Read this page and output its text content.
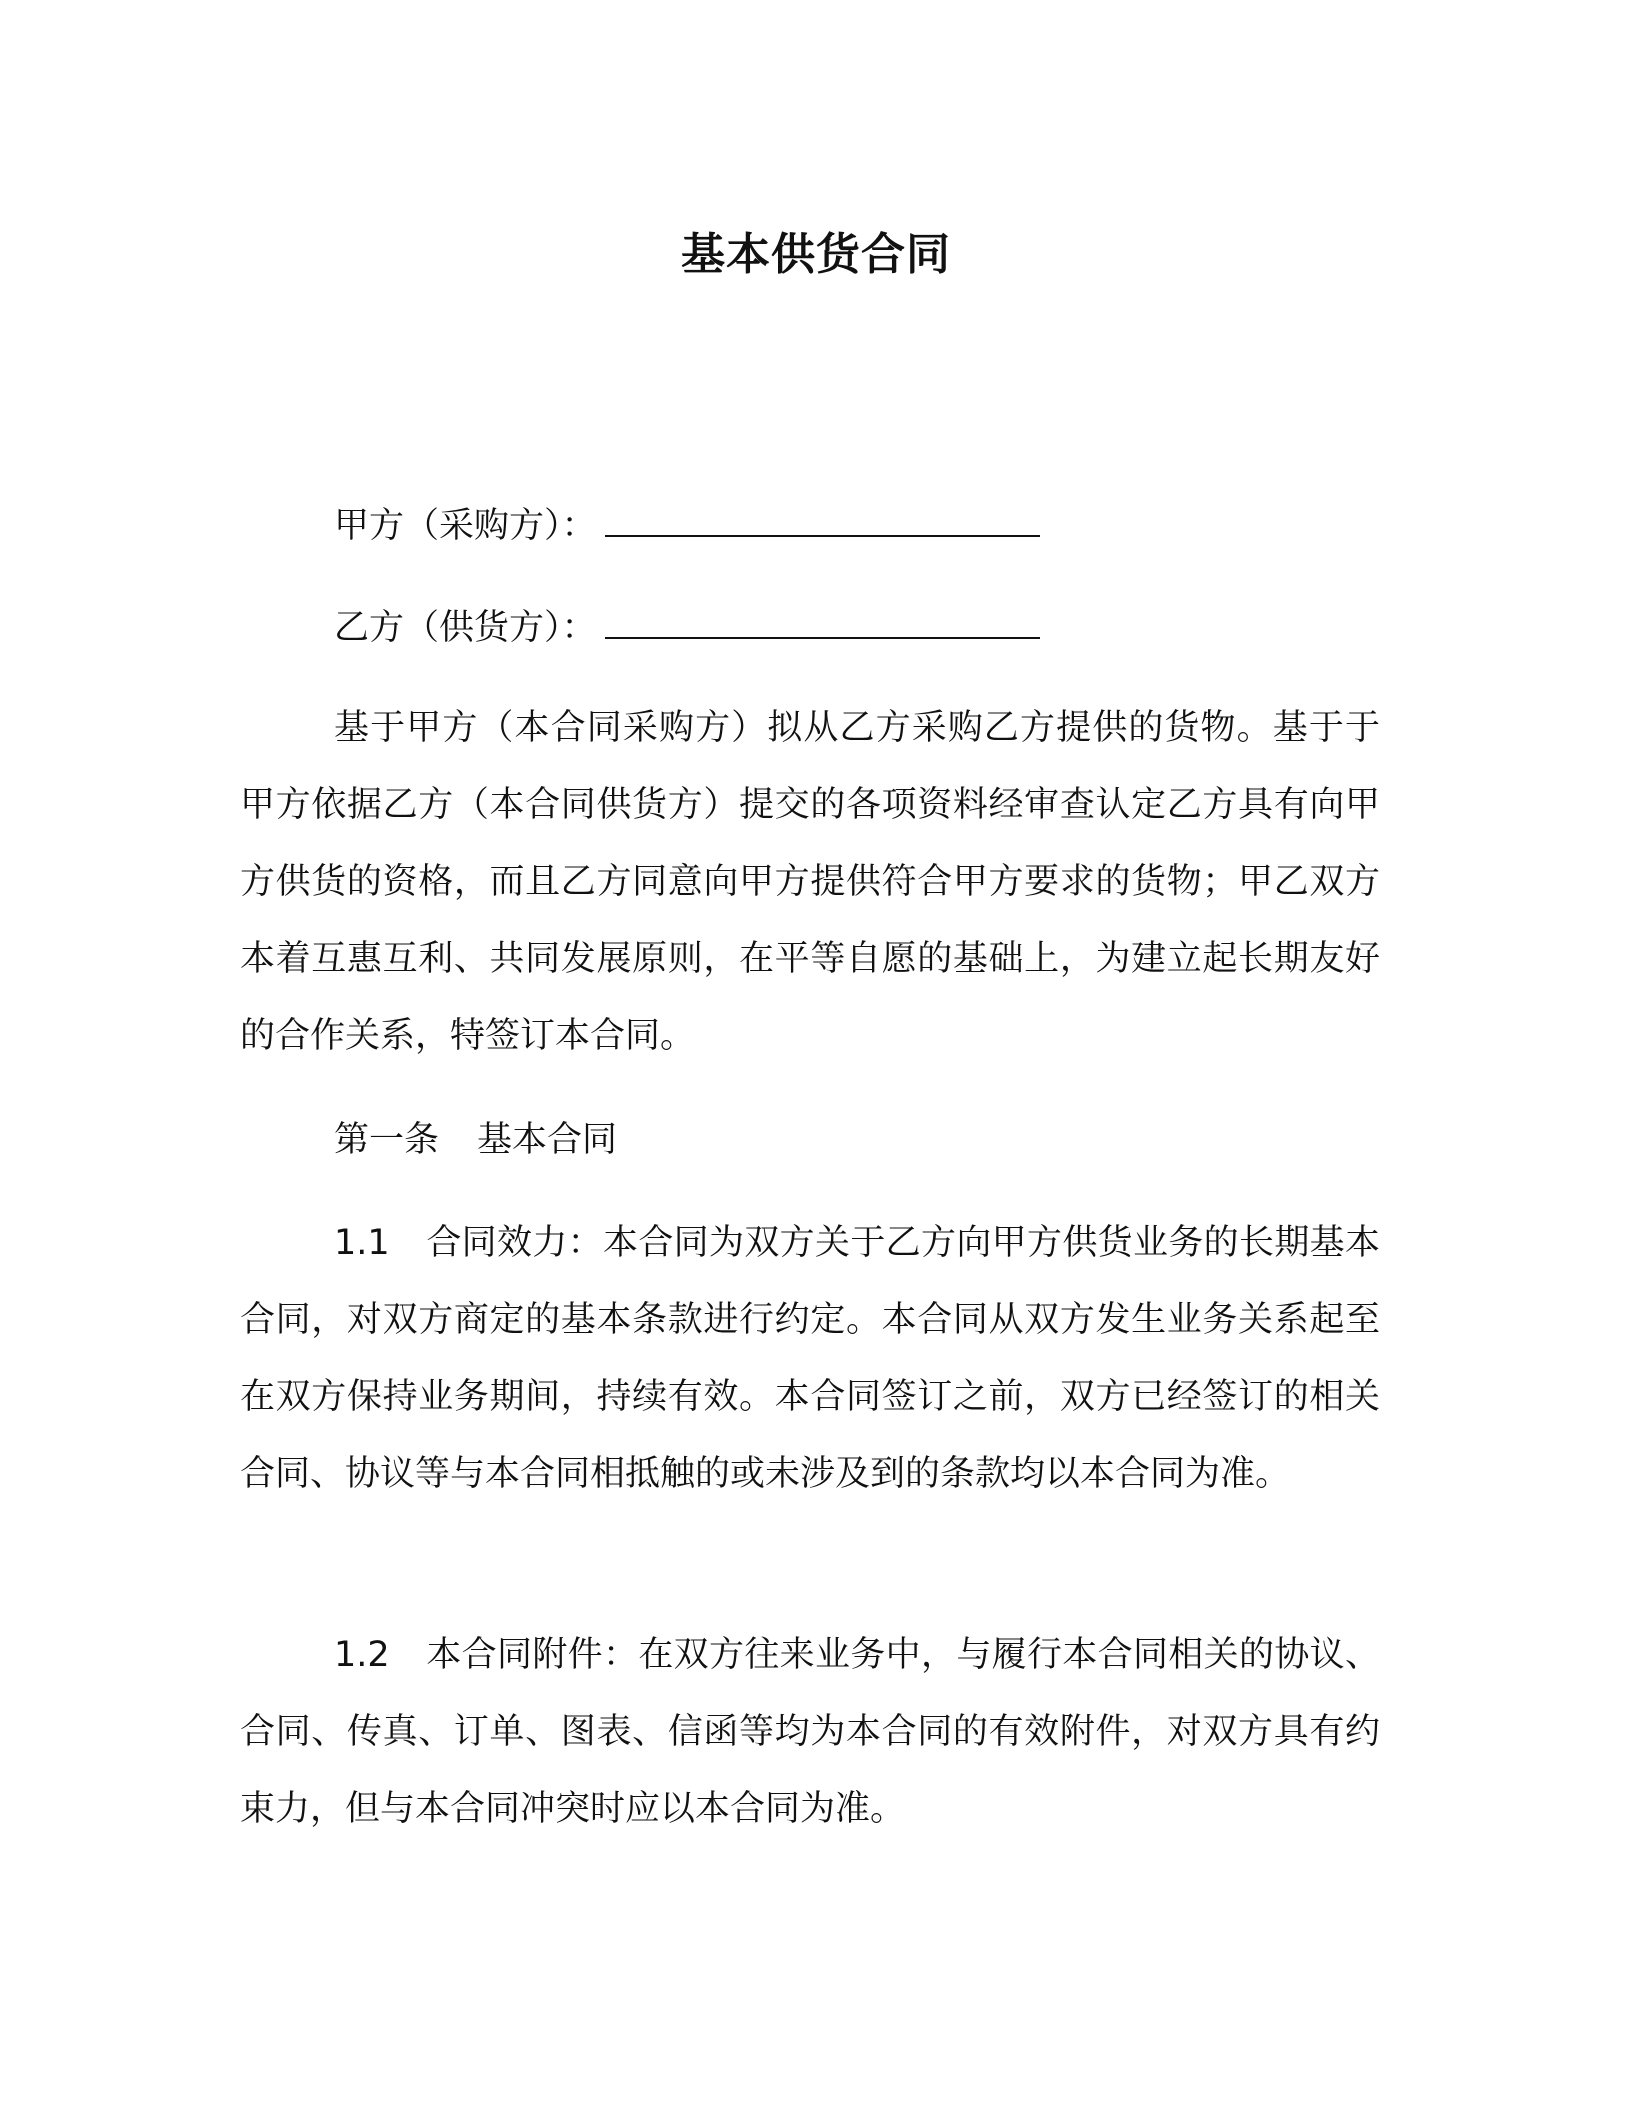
基本供货合同
甲方（采购方）：
乙方（供货方）：
基于甲方（本合同采购方）拟从乙方采购乙方提供的货物。基于于甲方依据乙方（本合同供货方）提交的各项资料经审查认定乙方具有向甲方供货的资格，而且乙方同意向甲方提供符合甲方要求的货物；甲乙双方本着互惠互利、共同发展原则，在平等自愿的基础上，为建立起长期友好的合作关系，特签订本合同。
第一条 基本合同
1.1 合同效力：本合同为双方关于乙方向甲方供货业务的长期基本合同，对双方商定的基本条款进行约定。本合同从双方发生业务关系起至在双方保持业务期间，持续有效。本合同签订之前，双方已经签订的相关合同、协议等与本合同相抵触的或未涉及到的条款均以本合同为准。
1.2 本合同附件：在双方往来业务中，与履行本合同相关的协议、合同、传真、订单、图表、信函等均为本合同的有效附件，对双方具有约束力，但与本合同冲突时应以本合同为准。
